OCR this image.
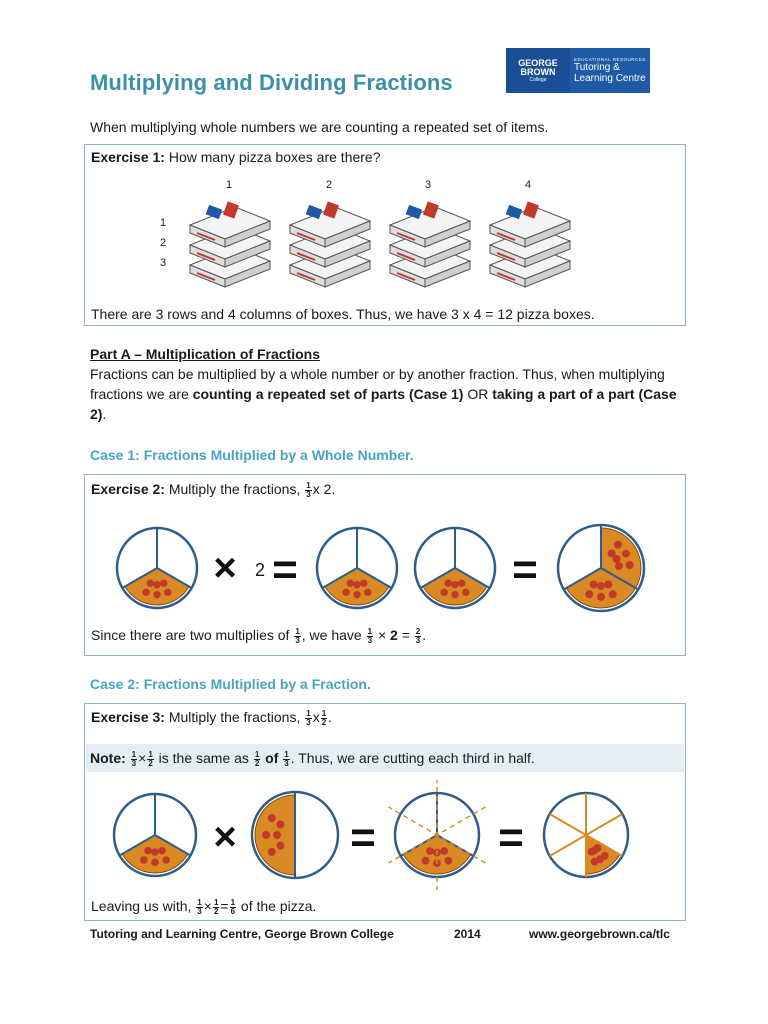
Multiplying and Dividing Fractions
GEORGE
BROWN
College
EDUCATIONAL RESOURCES
Tutoring &
Learning Centre
When multiplying whole numbers we are counting a repeated set of items.
Exercise 1: How many pizza boxes are there?
1	2	3	4
1
2
3
There are 3 rows and 4 columns of boxes. Thus, we have 3 x 4 = 12 pizza boxes.
Part A – Multiplication of Fractions
Fractions can be multiplied by a whole number or by another fraction. Thus, when multiplying fractions we are counting a repeated set of parts (Case 1) OR taking a part of a part (Case 2).
Case 1: Fractions Multiplied by a Whole Number.
Exercise 2: Multiply the fractions, $\frac{1}{3}$ x 2.
× 2 =	=
Since there are two multiplies of $\frac{1}{3}$ , we have $\frac{1}{3} \times 2 = \frac{2}{3}$ .
Case 2: Fractions Multiplied by a Fraction.
Exercise 3: Multiply the fractions, $\frac{1}{3}$ x $\frac{1}{2}$ .
Note: $\frac{1}{3} \times \frac{1}{2}$ is the same as $\frac{1}{2}$ of $\frac{1}{3}$ . Thus, we are cutting each third in half.
×	=	=
Leaving us with, $\frac{1}{3} \times \frac{1}{2} = \frac{1}{6}$ of the pizza.
Tutoring and Learning Centre, George Brown College	2014	www.georgebrown.ca/tlc
